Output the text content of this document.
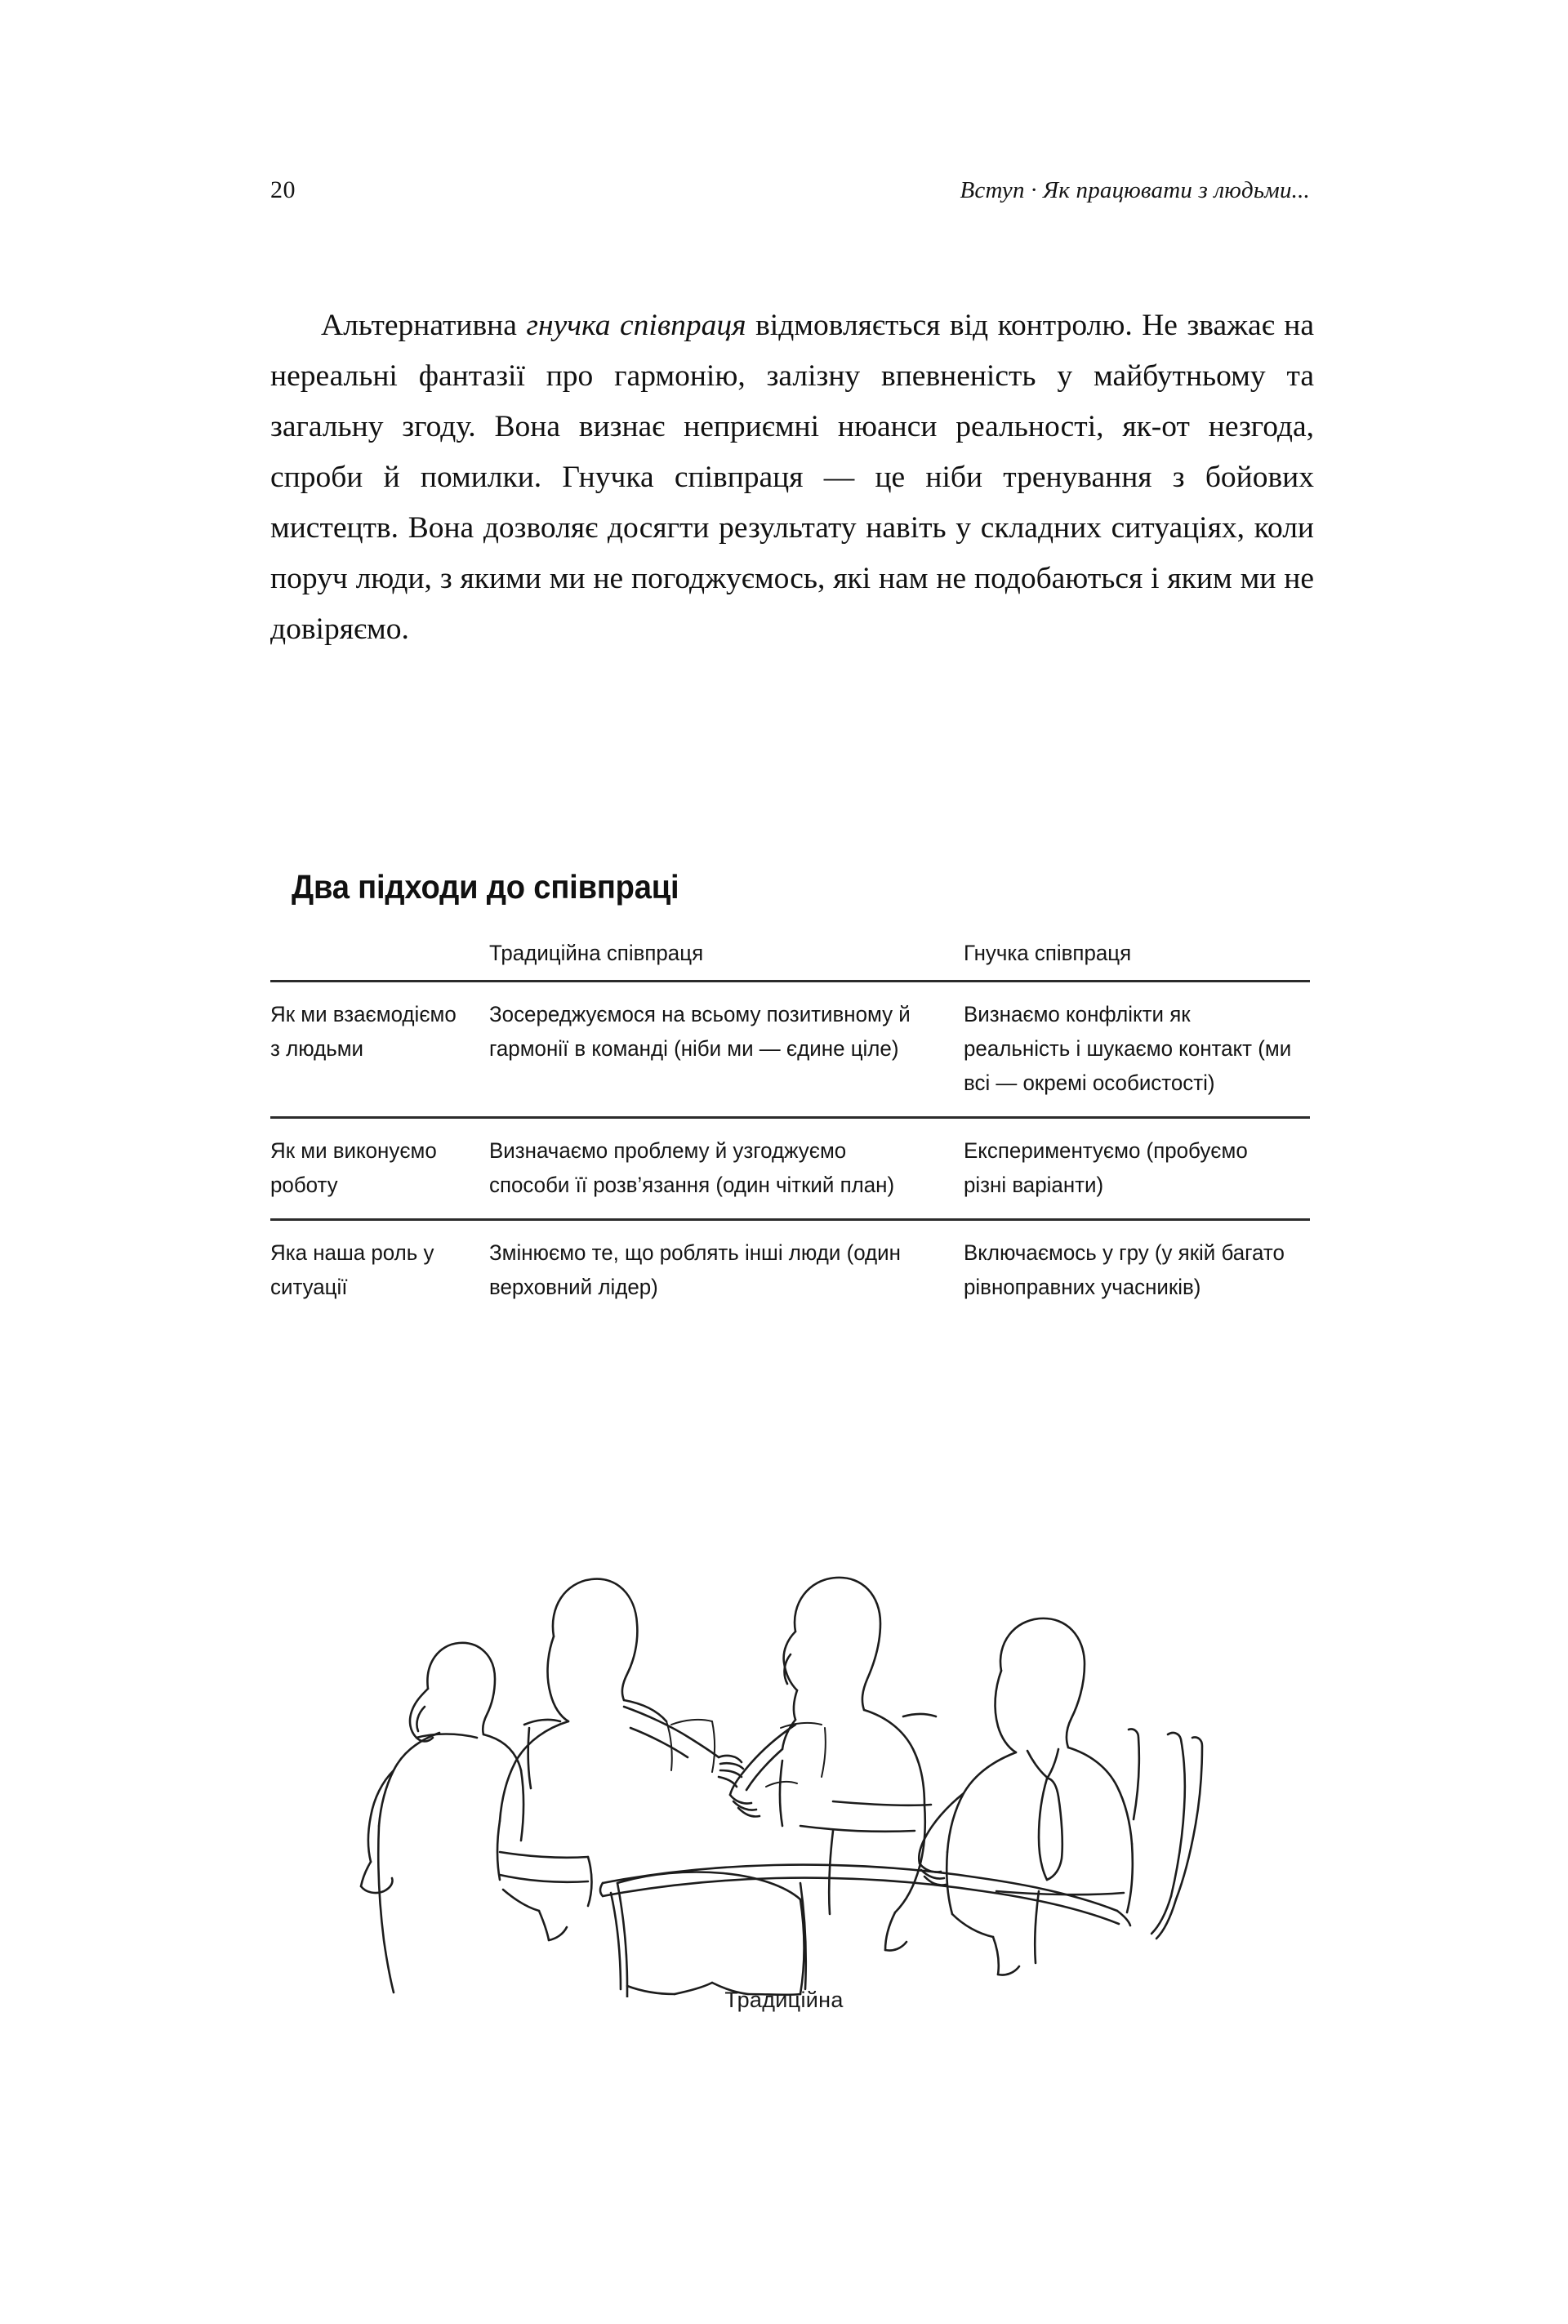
20	Вступ · Як працювати з людьми...

Альтернативна гнучка співпраця відмовляється від контролю. Не зважає на нереальні фантазії про гармонію, залізну впевненість у майбутньому та загальну згоду. Вона визнає неприємні нюанси реальності, як-от незгода, спроби й помилки. Гнучка співпраця — це ніби тренування з бойових мистецтв. Вона дозволяє досягти результату навіть у складних ситуаціях, коли поруч люди, з якими ми не погоджуємось, які нам не подобаються і яким ми не довіряємо.

Два підходи до співпраці

	Традиційна співпраця	Гнучка співпраця

Як ми взаємодіємо з людьми	Зосереджуємося на всьому позитивному й гармонії в команді (ніби ми — єдине ціле)	Визнаємо конфлікти як реальність і шукаємо контакт (ми всі — окремі особистості)

Як ми виконуємо роботу	Визначаємо проблему й узгоджуємо способи її розв’язання (один чіткий план)	Експериментуємо (пробуємо різні варіанти)

Яка наша роль у ситуації	Змінюємо те, що роблять інші люди (один верховний лідер)	Включаємось у гру (у якій багато рівноправних учасників)
Традиційна
